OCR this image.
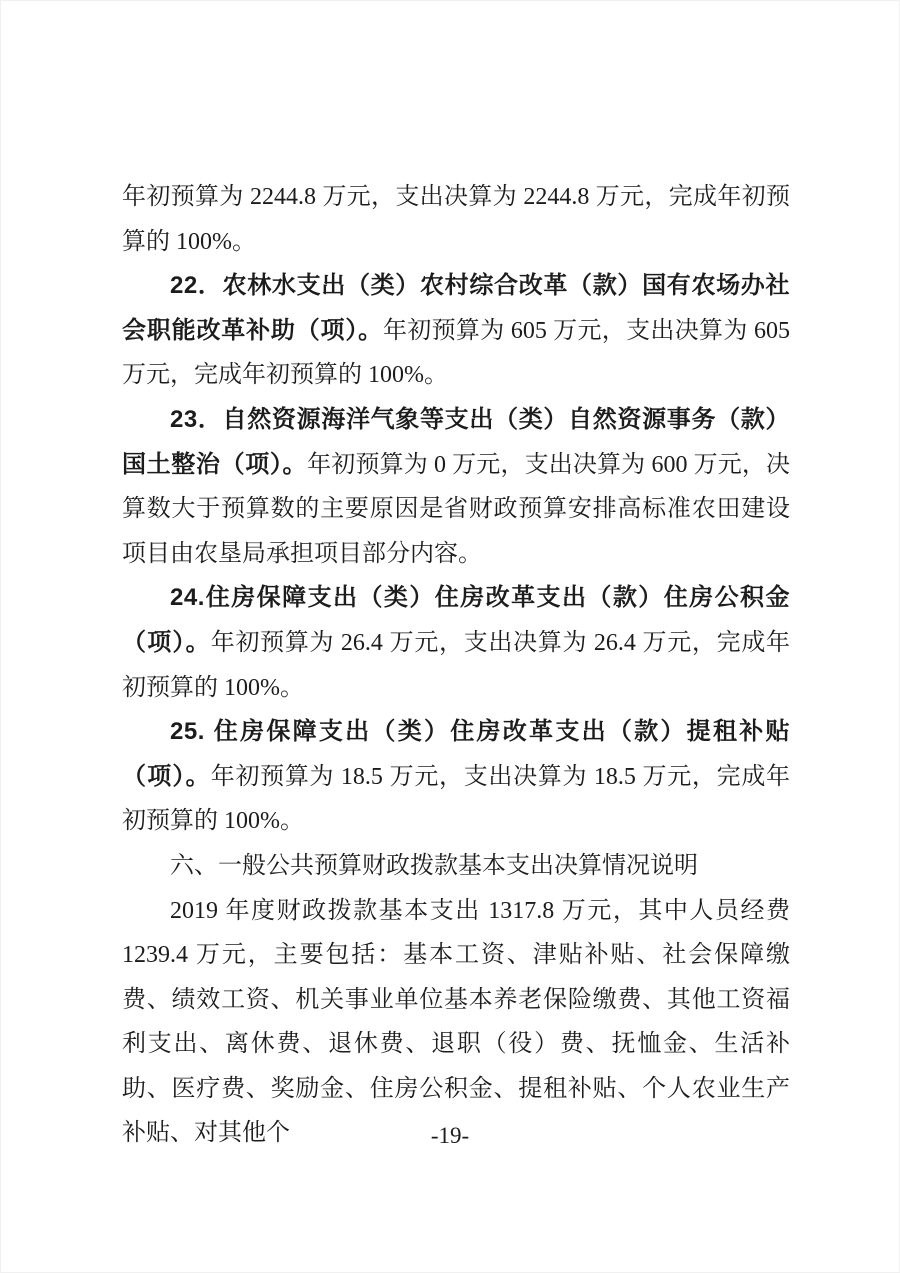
年初预算为 2244.8 万元，支出决算为 2244.8 万元，完成年初预算的 100%。

22．农林水支出（类）农村综合改革（款）国有农场办社会职能改革补助（项）。年初预算为 605 万元，支出决算为 605 万元，完成年初预算的 100%。

23．自然资源海洋气象等支出（类）自然资源事务（款）国土整治（项）。年初预算为 0 万元，支出决算为 600 万元，决算数大于预算数的主要原因是省财政预算安排高标准农田建设项目由农垦局承担项目部分内容。

24.住房保障支出（类）住房改革支出（款）住房公积金（项）。年初预算为 26.4 万元，支出决算为 26.4 万元，完成年初预算的 100%。

25. 住房保障支出（类）住房改革支出（款）提租补贴（项）。年初预算为 18.5 万元，支出决算为 18.5 万元，完成年初预算的 100%。

六、一般公共预算财政拨款基本支出决算情况说明

2019 年度财政拨款基本支出 1317.8 万元，其中人员经费 1239.4 万元，主要包括：基本工资、津贴补贴、社会保障缴费、绩效工资、机关事业单位基本养老保险缴费、其他工资福利支出、离休费、退休费、退职（役）费、抚恤金、生活补助、医疗费、奖励金、住房公积金、提租补贴、个人农业生产补贴、对其他个	-19-
